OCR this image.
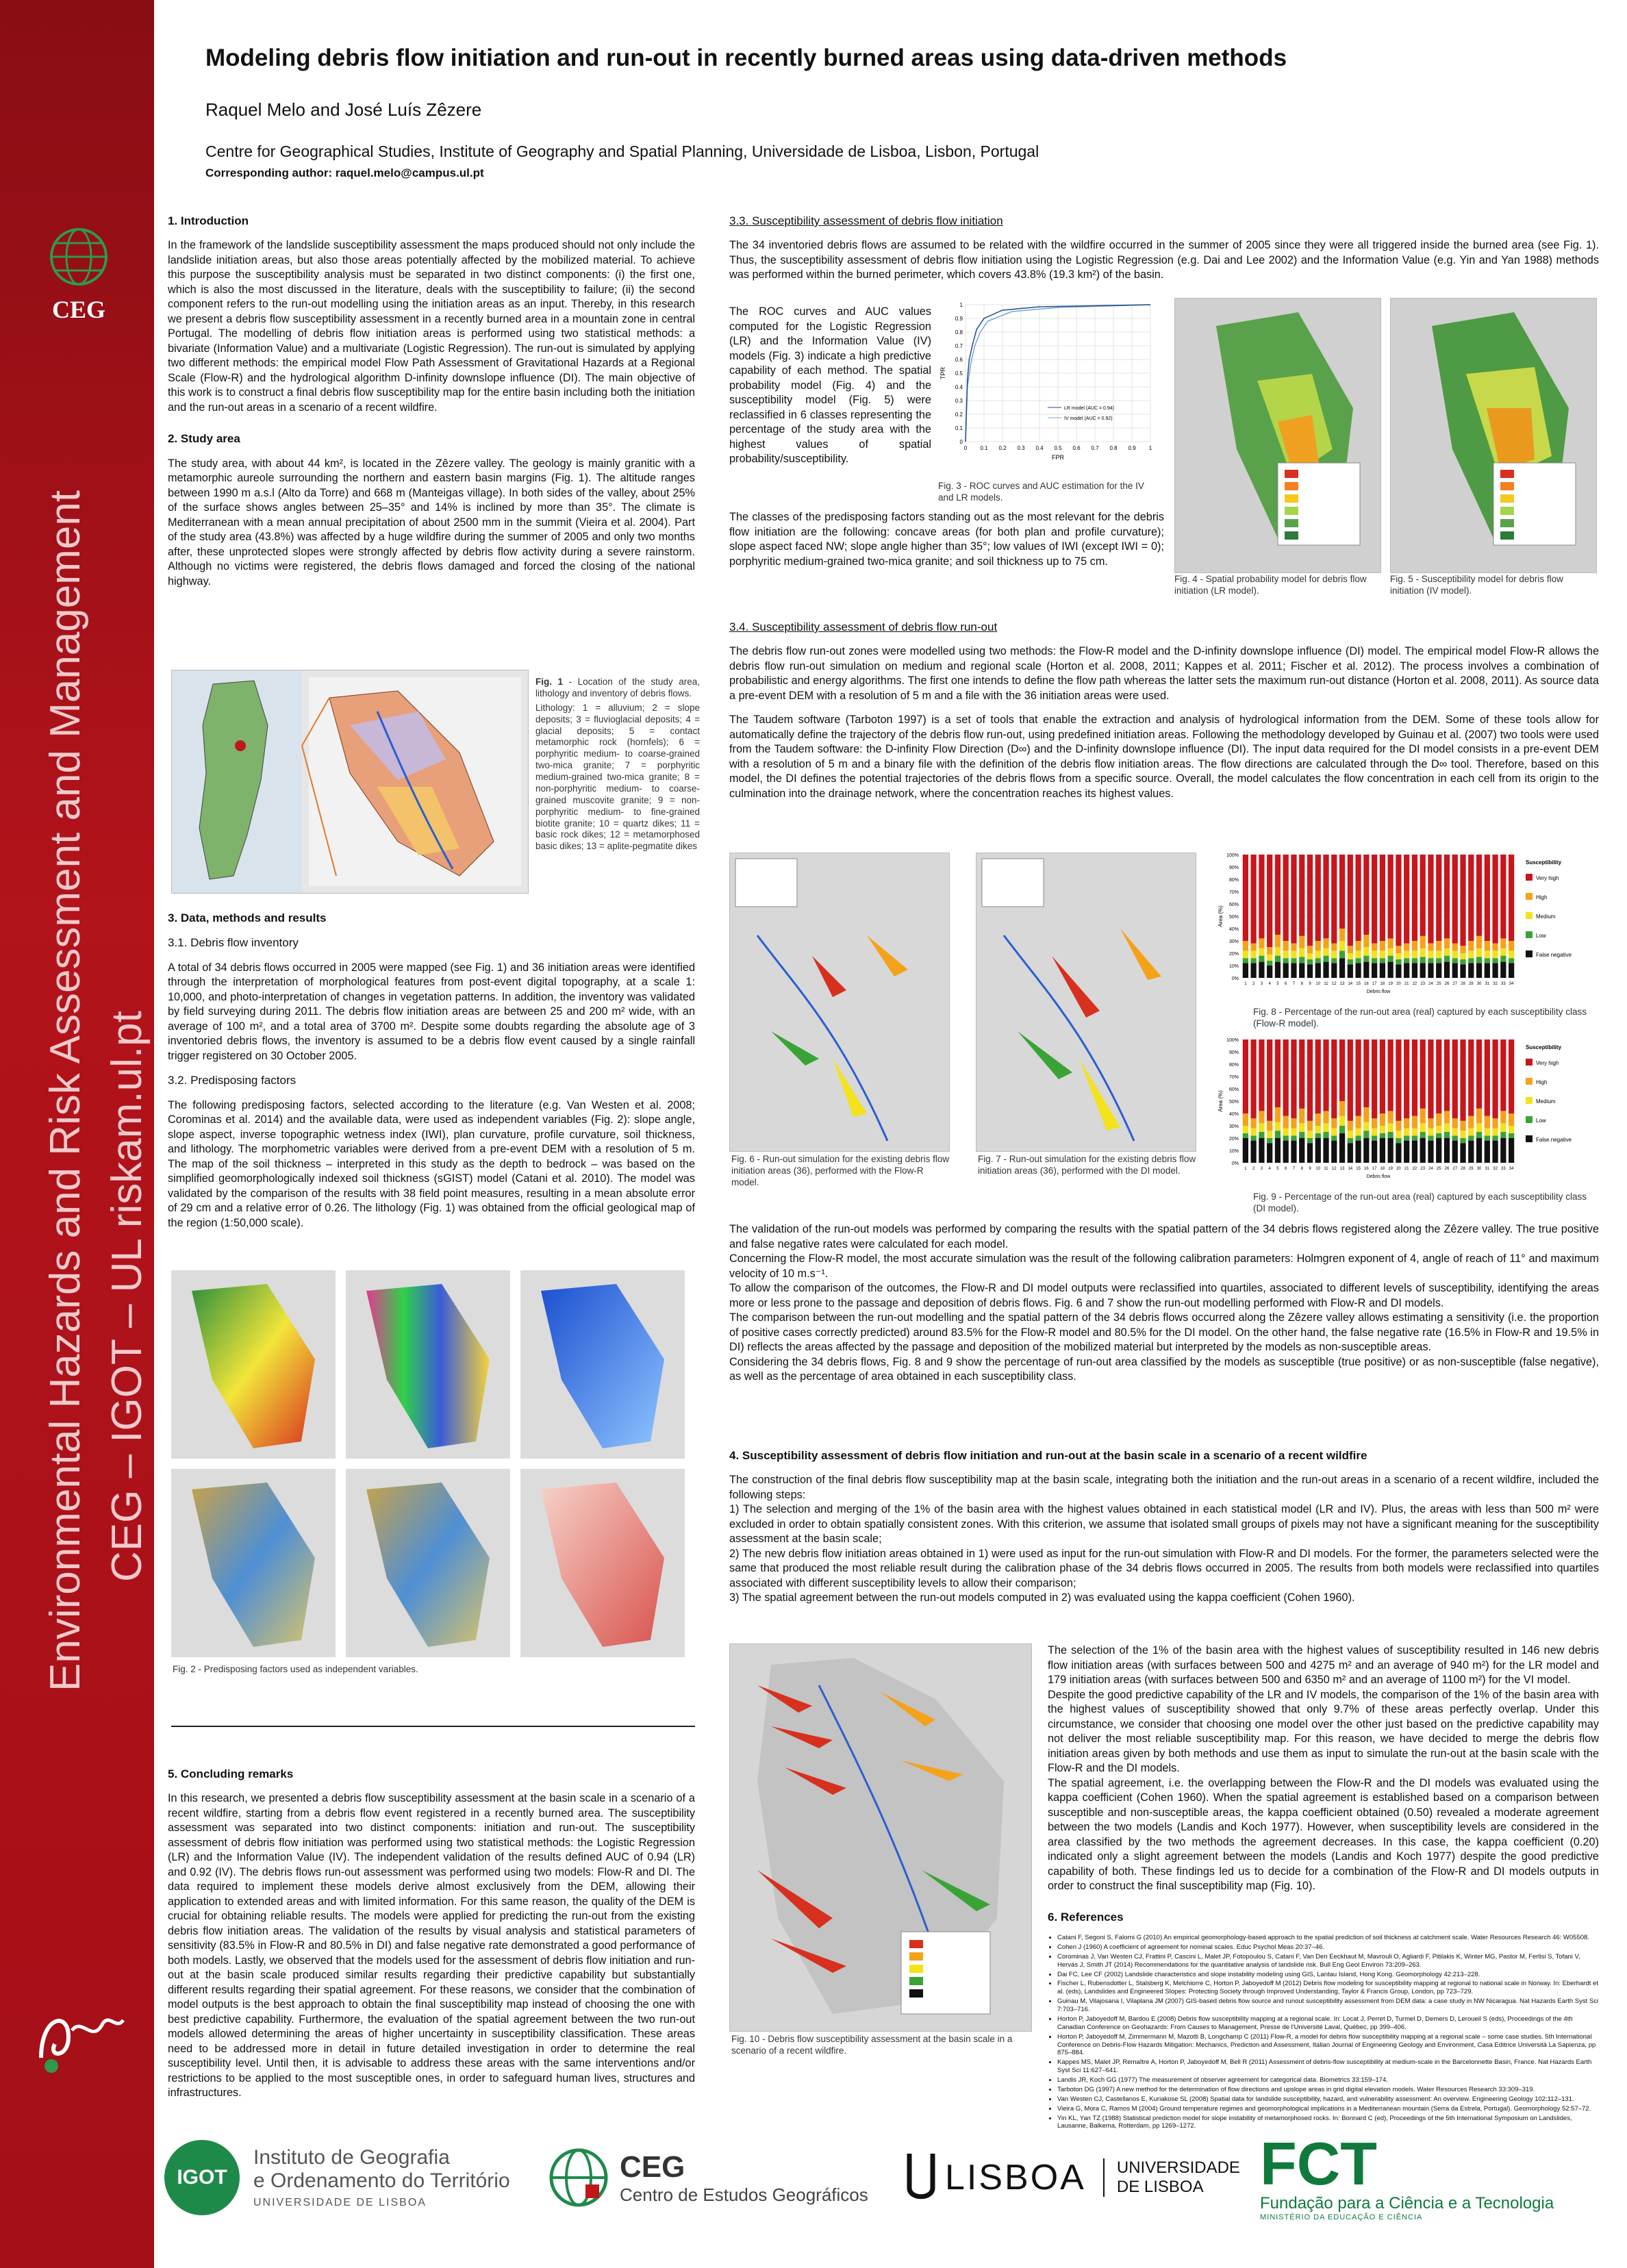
CEG
Environmental Hazards and Risk Assessment and Management CEG – IGOT – UL riskam.ul.pt
Modeling debris flow initiation and run-out in recently burned areas using data-driven methods
Raquel Melo and José Luís Zêzere
Centre for Geographical Studies, Institute of Geography and Spatial Planning, Universidade de Lisboa, Lisbon, Portugal
Corresponding author: raquel.melo@campus.ul.pt
1. Introduction

In the framework of the landslide susceptibility assessment the maps produced should not only include the landslide initiation areas, but also those areas potentially affected by the mobilized material. To achieve this purpose the susceptibility analysis must be separated in two distinct components: (i) the first one, which is also the most discussed in the literature, deals with the susceptibility to failure; (ii) the second component refers to the run-out modelling using the initiation areas as an input. Thereby, in this research we present a debris flow susceptibility assessment in a recently burned area in a mountain zone in central Portugal. The modelling of debris flow initiation areas is performed using two statistical methods: a bivariate (Information Value) and a multivariate (Logistic Regression). The run-out is simulated by applying two different methods: the empirical model Flow Path Assessment of Gravitational Hazards at a Regional Scale (Flow-R) and the hydrological algorithm D-infinity downslope influence (DI). The main objective of this work is to construct a final debris flow susceptibility map for the entire basin including both the initiation and the run-out areas in a scenario of a recent wildfire.

2. Study area

The study area, with about 44 km², is located in the Zêzere valley. The geology is mainly granitic with a metamorphic aureole surrounding the northern and eastern basin margins (Fig. 1). The altitude ranges between 1990 m a.s.l (Alto da Torre) and 668 m (Manteigas village). In both sides of the valley, about 25% of the surface shows angles between 25–35° and 14% is inclined by more than 35°. The climate is Mediterranean with a mean annual precipitation of about 2500 mm in the summit (Vieira et al. 2004). Part of the study area (43.8%) was affected by a huge wildfire during the summer of 2005 and only two months after, these unprotected slopes were strongly affected by debris flow activity during a severe rainstorm. Although no victims were registered, the debris flows damaged and forced the closing of the national highway.

Fig. 1 - Location of the study area, lithology and inventory of debris flows.
Lithology: 1 = alluvium; 2 = slope deposits; 3 = fluvioglacial deposits; 4 = glacial deposits; 5 = contact metamorphic rock (hornfels); 6 = porphyritic medium- to coarse-grained two-mica granite; 7 = porphyritic medium-grained two-mica granite; 8 = non-porphyritic medium- to coarse-grained muscovite granite; 9 = non-porphyritic medium- to fine-grained biotite granite; 10 = quartz dikes; 11 = basic rock dikes; 12 = metamorphosed basic dikes; 13 = aplite-pegmatite dikes
3. Data, methods and results
3.1. Debris flow inventory

A total of 34 debris flows occurred in 2005 were mapped (see Fig. 1) and 36 initiation areas were identified through the interpretation of morphological features from post-event digital topography, at a scale 1: 10,000, and photo-interpretation of changes in vegetation patterns. In addition, the inventory was validated by field surveying during 2011. The debris flow initiation areas are between 25 and 200 m² wide, with an average of 100 m², and a total area of 3700 m². Despite some doubts regarding the absolute age of 3 inventoried debris flows, the inventory is assumed to be a debris flow event caused by a single rainfall trigger registered on 30 October 2005.

3.2. Predisposing factors

The following predisposing factors, selected according to the literature (e.g. Van Westen et al. 2008; Corominas et al. 2014) and the available data, were used as independent variables (Fig. 2): slope angle, slope aspect, inverse topographic wetness index (IWI), plan curvature, profile curvature, soil thickness, and lithology. The morphometric variables were derived from a pre-event DEM with a resolution of 5 m. The map of the soil thickness – interpreted in this study as the depth to bedrock – was based on the simplified geomorphologically indexed soil thickness (sGIST) model (Catani et al. 2010). The model was validated by the comparison of the results with 38 field point measures, resulting in a mean absolute error of 29 cm and a relative error of 0.26. The lithology (Fig. 1) was obtained from the official geological map of the region (1:50,000 scale).

Fig. 2 - Predisposing factors used as independent variables.
5. Concluding remarks

In this research, we presented a debris flow susceptibility assessment at the basin scale in a scenario of a recent wildfire, starting from a debris flow event registered in a recently burned area. The susceptibility assessment was separated into two distinct components: initiation and run-out. The susceptibility assessment of debris flow initiation was performed using two statistical methods: the Logistic Regression (LR) and the Information Value (IV). The independent validation of the results defined AUC of 0.94 (LR) and 0.92 (IV). The debris flows run-out assessment was performed using two models: Flow-R and DI. The data required to implement these models derive almost exclusively from the DEM, allowing their application to extended areas and with limited information. For this same reason, the quality of the DEM is crucial for obtaining reliable results. The models were applied for predicting the run-out from the existing debris flow initiation areas. The validation of the results by visual analysis and statistical parameters of sensitivity (83.5% in Flow-R and 80.5% in DI) and false negative rate demonstrated a good performance of both models. Lastly, we observed that the models used for the assessment of debris flow initiation and run-out at the basin scale produced similar results regarding their predictive capability but substantially different results regarding their spatial agreement. For these reasons, we consider that the combination of model outputs is the best approach to obtain the final susceptibility map instead of choosing the one with best predictive capability. Furthermore, the evaluation of the spatial agreement between the two run-out models allowed determining the areas of higher uncertainty in susceptibility classification. These areas need to be addressed more in detail in future detailed investigation in order to determine the real susceptibility level. Until then, it is advisable to address these areas with the same interventions and/or restrictions to be applied to the most susceptible ones, in order to safeguard human lives, structures and infrastructures.

3.3. Susceptibility assessment of debris flow initiation

The 34 inventoried debris flows are assumed to be related with the wildfire occurred in the summer of 2005 since they were all triggered inside the burned area (see Fig. 1). Thus, the susceptibility assessment of debris flow initiation using the Logistic Regression (e.g. Dai and Lee 2002) and the Information Value (e.g. Yin and Yan 1988) methods was performed within the burned perimeter, which covers 43.8% (19.3 km²) of the basin.

The ROC curves and AUC values computed for the Logistic Regression (LR) and the Information Value (IV) models (Fig. 3) indicate a high predictive capability of each method. The spatial probability model (Fig. 4) and the susceptibility model (Fig. 5) were reclassified in 6 classes representing the percentage of the study area with the highest values of spatial probability/susceptibility.

0 0.1 0.2 0.3 0.4 0.5 0.6 0.7 0.8 0.9 1
0
0.1
0.2
0.3
0.4
0.5
0.6
0.7
0.8
0.9
1
FPR
TPR
LR model (AUC = 0.94)
IV model (AUC = 0.92)
Fig. 3 - ROC curves and AUC estimation for the IV and LR models.

The classes of the predisposing factors standing out as the most relevant for the debris flow initiation are the following: concave areas (for both plan and profile curvature); slope aspect faced NW; slope angle higher than 35°; low values of IWI (except IWI = 0); porphyritic medium-grained two-mica granite; and soil thickness up to 75 cm.

Fig. 4 - Spatial probability model for debris flow initiation (LR model).
Fig. 5 - Susceptibility model for debris flow initiation (IV model).
3.4. Susceptibility assessment of debris flow run-out

The debris flow run-out zones were modelled using two methods: the Flow-R model and the D-infinity downslope influence (DI) model. The empirical model Flow-R allows the debris flow run-out simulation on medium and regional scale (Horton et al. 2008, 2011; Kappes et al. 2011; Fischer et al. 2012). The process involves a combination of probabilistic and energy algorithms. The first one intends to define the flow path whereas the latter sets the maximum run-out distance (Horton et al. 2008, 2011). As source data a pre-event DEM with a resolution of 5 m and a file with the 36 initiation areas were used.

The Taudem software (Tarboton 1997) is a set of tools that enable the extraction and analysis of hydrological information from the DEM. Some of these tools allow for automatically define the trajectory of the debris flow run-out, using predefined initiation areas. Following the methodology developed by Guinau et al. (2007) two tools were used from the Taudem software: the D-infinity Flow Direction (D∞) and the D-infinity downslope influence (DI). The input data required for the DI model consists in a pre-event DEM with a resolution of 5 m and a binary file with the definition of the debris flow initiation areas. The flow directions are calculated through the D∞ tool. Therefore, based on this model, the DI defines the potential trajectories of the debris flows from a specific source. Overall, the model calculates the flow concentration in each cell from its origin to the culmination into the drainage network, where the concentration reaches its highest values.

Fig. 6 - Run-out simulation for the existing debris flow initiation areas (36), performed with the Flow-R model.
Fig. 7 - Run-out simulation for the existing debris flow initiation areas (36), performed with the DI model.
0%
10%
20%
30%
40%
50%
60%
70%
80%
90%
100%
Area (%)
1 2 3 4 5 6 7 8 9 10 11 12 13 14 15 16 17 18 19 20 21 22 23 24 25 26 27 28 29 30 31 32 33 34
Debris flow
Susceptibility
Very high
High
Medium
Low
False negative
Fig. 8 - Percentage of the run-out area (real) captured by each susceptibility class (Flow-R model).
0%
10%
20%
30%
40%
50%
60%
70%
80%
90%
100%
Area (%)
1 2 3 4 5 6 7 8 9 10 11 12 13 14 15 16 17 18 19 20 21 22 23 24 25 26 27 28 29 30 31 32 33 34
Debris flow
Susceptibility
Very high
High
Medium
Low
False negative
Fig. 9 - Percentage of the run-out area (real) captured by each susceptibility class (DI model).

The validation of the run-out models was performed by comparing the results with the spatial pattern of the 34 debris flows registered along the Zêzere valley. The true positive and false negative rates were calculated for each model.

Concerning the Flow-R model, the most accurate simulation was the result of the following calibration parameters: Holmgren exponent of 4, angle of reach of 11° and maximum velocity of 10 m.s⁻¹.

To allow the comparison of the outcomes, the Flow-R and DI model outputs were reclassified into quartiles, associated to different levels of susceptibility, identifying the areas more or less prone to the passage and deposition of debris flows. Fig. 6 and 7 show the run-out modelling performed with Flow-R and DI models.

The comparison between the run-out modelling and the spatial pattern of the 34 debris flows occurred along the Zêzere valley allows estimating a sensitivity (i.e. the proportion of positive cases correctly predicted) around 83.5% for the Flow-R model and 80.5% for the DI model. On the other hand, the false negative rate (16.5% in Flow-R and 19.5% in DI) reflects the areas affected by the passage and deposition of the mobilized material but interpreted by the models as non-susceptible areas.

Considering the 34 debris flows, Fig. 8 and 9 show the percentage of run-out area classified by the models as susceptible (true positive) or as non-susceptible (false negative), as well as the percentage of area obtained in each susceptibility class.

4. Susceptibility assessment of debris flow initiation and run-out at the basin scale in a scenario of a recent wildfire

The construction of the final debris flow susceptibility map at the basin scale, integrating both the initiation and the run-out areas in a scenario of a recent wildfire, included the following steps:

1) The selection and merging of the 1% of the basin area with the highest values obtained in each statistical model (LR and IV). Plus, the areas with less than 500 m² were excluded in order to obtain spatially consistent zones. With this criterion, we assume that isolated small groups of pixels may not have a significant meaning for the susceptibility assessment at the basin scale;

2) The new debris flow initiation areas obtained in 1) were used as input for the run-out simulation with Flow-R and DI models. For the former, the parameters selected were the same that produced the most reliable result during the calibration phase of the 34 debris flows occurred in 2005. The results from both models were reclassified into quartiles associated with different susceptibility levels to allow their comparison;

3) The spatial agreement between the run-out models computed in 2) was evaluated using the kappa coefficient (Cohen 1960).

Fig. 10 - Debris flow susceptibility assessment at the basin scale in a scenario of a recent wildfire.

The selection of the 1% of the basin area with the highest values of susceptibility resulted in 146 new debris flow initiation areas (with surfaces between 500 and 4275 m² and an average of 940 m²) for the LR model and 179 initiation areas (with surfaces between 500 and 6350 m² and an average of 1100 m²) for the VI model.

Despite the good predictive capability of the LR and IV models, the comparison of the 1% of the basin area with the highest values of susceptibility showed that only 9.7% of these areas perfectly overlap. Under this circumstance, we consider that choosing one model over the other just based on the predictive capability may not deliver the most reliable susceptibility map. For this reason, we have decided to merge the debris flow initiation areas given by both methods and use them as input to simulate the run-out at the basin scale with the Flow-R and the DI models.

The spatial agreement, i.e. the overlapping between the Flow-R and the DI models was evaluated using the kappa coefficient (Cohen 1960). When the spatial agreement is established based on a comparison between susceptible and non-susceptible areas, the kappa coefficient obtained (0.50) revealed a moderate agreement between the two models (Landis and Koch 1977). However, when susceptibility levels are considered in the area classified by the two methods the agreement decreases. In this case, the kappa coefficient (0.20) indicated only a slight agreement between the models (Landis and Koch 1977) despite the good predictive capability of both. These findings led us to decide for a combination of the Flow-R and DI models outputs in order to construct the final susceptibility map (Fig. 10).

6. References
• Catani F, Segoni S, Falorni G (2010) An empirical geomorphology-based approach to the spatial prediction of soil thickness at catchment scale. Water Resources Research 46: W05508.
• Cohen J (1960) A coefficient of agreement for nominal scales. Educ Psychol Meas 20:37–46.
• Corominas J, Van Westen CJ, Frattini P, Cascini L, Malet JP, Fotopoulou S, Catani F, Van Den Eeckhaut M, Mavrouli O, Agliardi F, Pitilakis K, Winter MG, Pastor M, Ferlisi S, Tofani V, Hervás J, Smith JT (2014) Recommendations for the quantitative analysis of landslide risk. Bull Eng Geol Environ 73:209–263.
• Dai FC, Lee CF (2002) Landslide characteristics and slope instability modeling using GIS, Lantau Island, Hong Kong. Geomorphology 42:213–228.
• Fischer L, Rubensdotter L, Stalsberg K, Melchiorre C, Horton P, Jaboyedoff M (2012) Debris flow modeling for susceptibility mapping at regional to national scale in Norway. In: Eberhardt et al. (eds), Landslides and Engineered Slopes: Protecting Society through Improved Understanding, Taylor & Francis Group, London, pp 723–729.
• Guinau M, Vilajosana I, Vilaplana JM (2007) GIS-based debris flow source and runout susceptibility assessment from DEM data: a case study in NW Nicaragua. Nat Hazards Earth Syst Sci 7:703–716.
• Horton P, Jaboyedoff M, Bardou E (2008) Debris flow susceptibility mapping at a regional scale. In: Locat J, Perret D, Turmel D, Demers D, Leroueil S (eds), Proceedings of the 4th Canadian Conference on Geohazards: From Causes to Management, Presse de l'Université Laval, Québec, pp 399–406.
• Horton P, Jaboyedoff M, Zimmermann M, Mazotti B, Longchamp C (2011) Flow-R, a model for debris flow susceptibility mapping at a regional scale – some case studies. 5th International Conference on Debris-Flow Hazards Mitigation: Mechanics, Prediction and Assessment, Italian Journal of Engineering Geology and Environment, Casa Editrice Università La Sapienza, pp 875–884.
• Kappes MS, Malet JP, Remaître A, Horton P, Jaboyedoff M, Bell R (2011) Assessment of debris-flow susceptibility at medium-scale in the Barcelonnette Basin, France. Nat Hazards Earth Syst Sci 11:627–641.
• Landis JR, Koch GG (1977) The measurement of observer agreement for categorical data. Biometrics 33:159–174.
• Tarboton DG (1997) A new method for the determination of flow directions and upslope areas in grid digital elevation models. Water Resources Research 33:309–319.
• Van Westen CJ, Castellanos E, Kuriakose SL (2008) Spatial data for landslide susceptibility, hazard, and vulnerability assessment: An overview. Engineering Geology 102:112–131.
• Vieira G, Mora C, Ramos M (2004) Ground temperature regimes and geomorphological implications in a Mediterranean mountain (Serra da Estrela, Portugal). Geomorphology 52:57–72.
• Yin KL, Yan TZ (1988) Statistical prediction model for slope instability of metamorphosed rocks. In: Bonnard C (ed), Proceedings of the 5th International Symposium on Landslides, Lausanne, Balkema, Rotterdam, pp 1269–1272.
IGOT
Instituto de Geografia
e Ordenamento do Território
UNIVERSIDADE DE LISBOA
CEG
Centro de Estudos Geográficos LISBOA UNIVERSIDADE
DE LISBOA FCT
Fundação para a Ciência e a Tecnologia
MINISTÉRIO DA EDUCAÇÃO E CIÊNCIA
